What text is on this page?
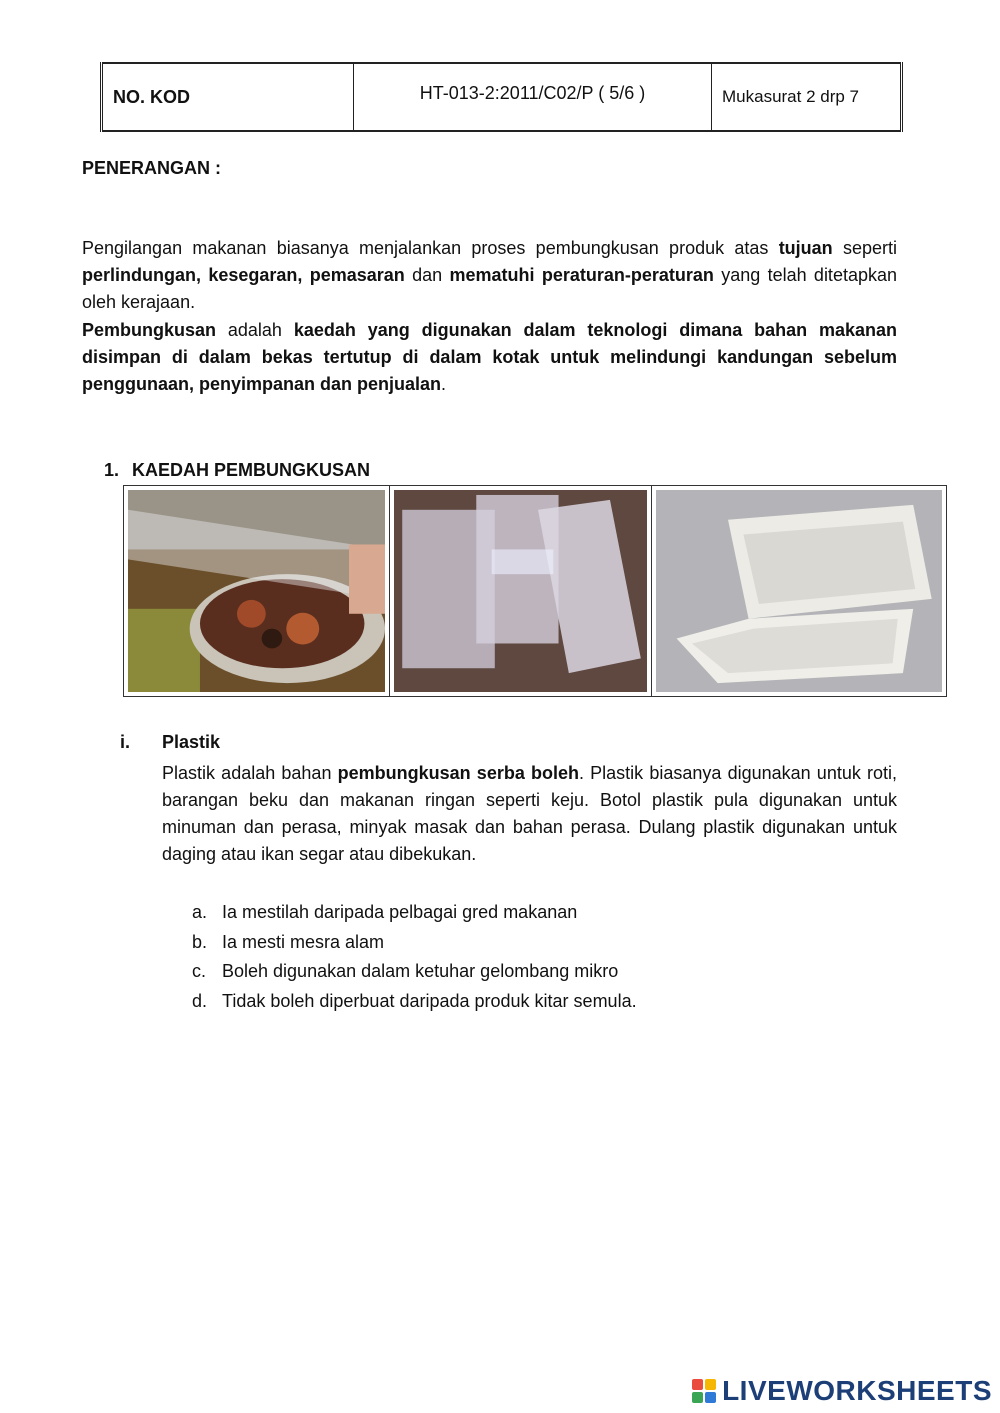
NO. KOD	HT-013-2:2011/C02/P ( 5/6 )	Mukasurat 2 drp 7
PENERANGAN :
Pengilangan makanan biasanya menjalankan proses pembungkusan produk atas tujuan seperti perlindungan, kesegaran, pemasaran dan mematuhi peraturan-peraturan yang telah ditetapkan oleh kerajaan.
Pembungkusan adalah kaedah yang digunakan dalam teknologi dimana bahan makanan disimpan di dalam bekas tertutup di dalam kotak untuk melindungi kandungan sebelum penggunaan, penyimpanan dan penjualan.
1. KAEDAH PEMBUNGKUSAN
i. Plastik
Plastik adalah bahan pembungkusan serba boleh. Plastik biasanya digunakan untuk roti, barangan beku dan makanan ringan seperti keju. Botol plastik pula digunakan untuk minuman dan perasa, minyak masak dan bahan perasa. Dulang plastik digunakan untuk daging atau ikan segar atau dibekukan.
a. Ia mestilah daripada pelbagai gred makanan
b. Ia mesti mesra alam
c. Boleh digunakan dalam ketuhar gelombang mikro
d. Tidak boleh diperbuat daripada produk kitar semula.
LIVEWORKSHEETS
